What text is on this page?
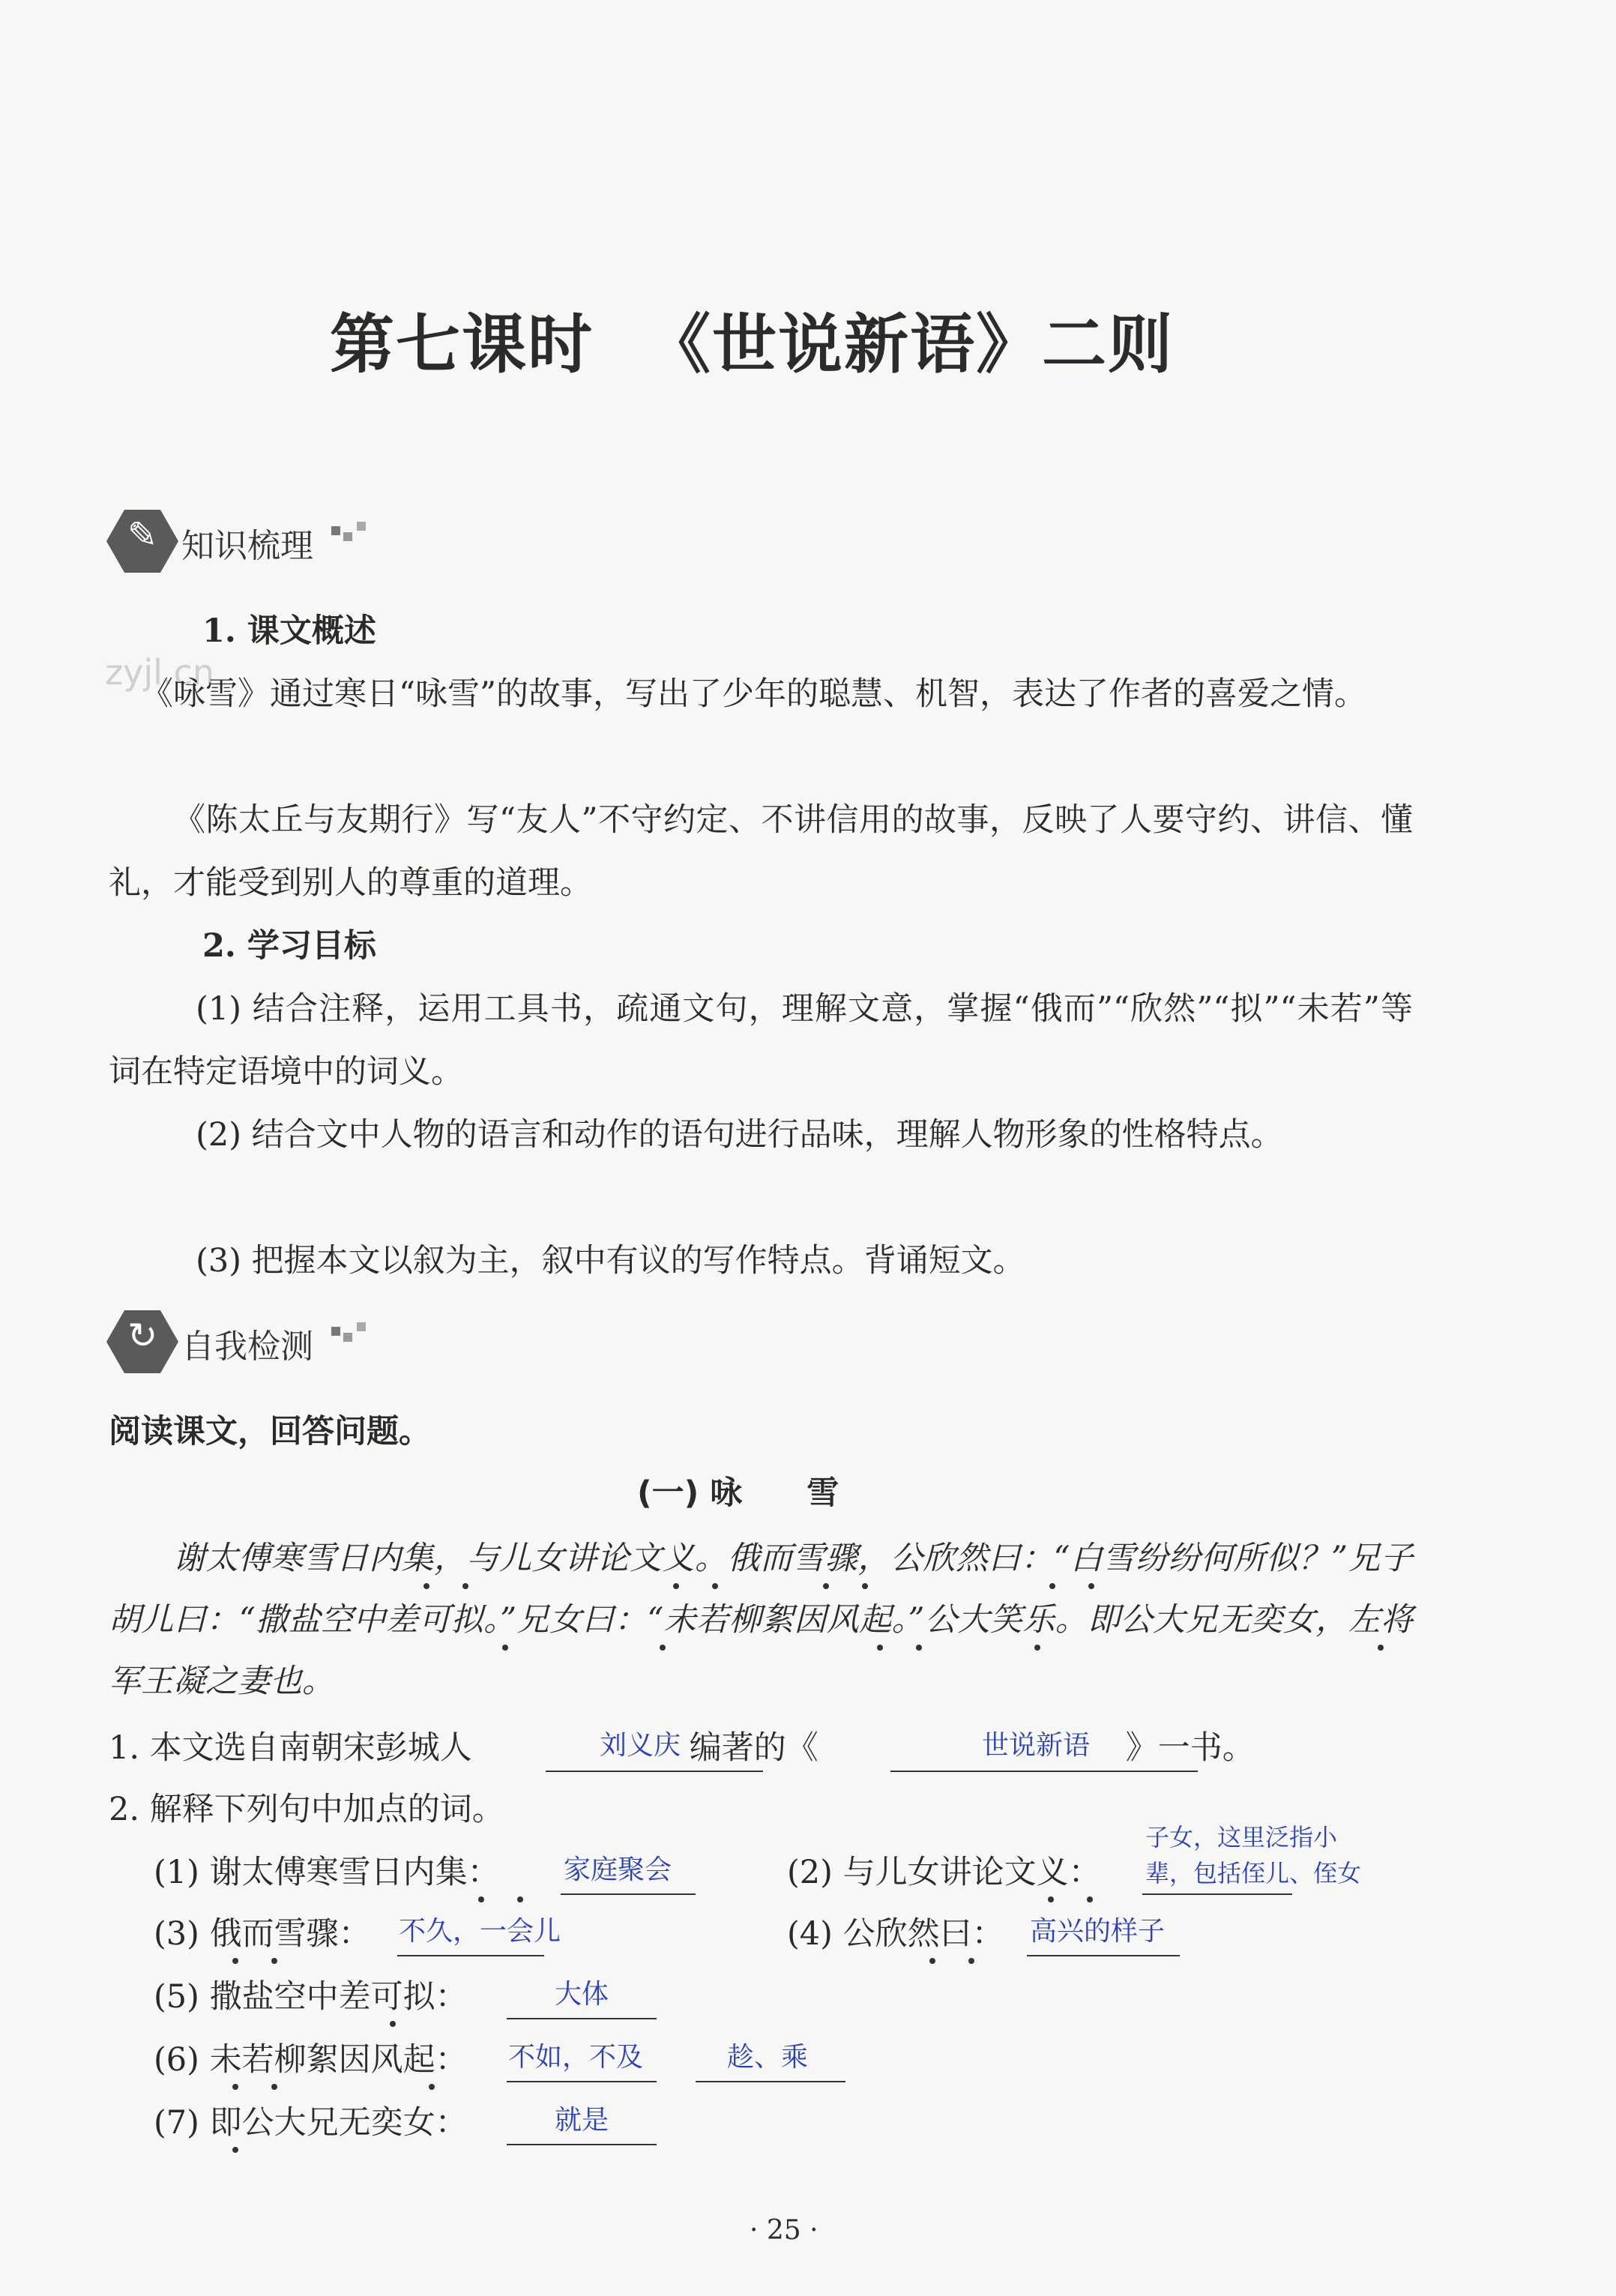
第七课时 《世说新语》二则
✎ 知识梳理
zyjl.cn
1. 课文概述
《咏雪》通过寒日“咏雪”的故事，写出了少年的聪慧、机智，表达了作者的喜爱之情。
《陈太丘与友期行》写“友人”不守约定、不讲信用的故事，反映了人要守约、讲信、懂礼，才能受到别人的尊重的道理。
2. 学习目标
(1) 结合注释，运用工具书，疏通文句，理解文意，掌握“俄而”“欣然”“拟”“未若”等词在特定语境中的词义。
(2) 结合文中人物的语言和动作的语句进行品味，理解人物形象的性格特点。
(3) 把握本文以叙为主，叙中有议的写作特点。背诵短文。
↻ 自我检测
阅读课文，回答问题。
(一) 咏　　雪
谢太傅寒雪日内集，与儿女讲论文义。俄而雪骤，公欣然曰：“白雪纷纷何所似？”兄子胡儿曰：“撒盐空中差可拟。”兄女曰：“未若柳絮因风起。”公大笑乐。即公大兄无奕女，左将军王凝之妻也。
1. 本文选自南朝宋彭城人	编著的《	》一书。
刘义庆	世说新语
2. 解释下列句中加点的词。
(1) 谢太傅寒雪日内集： 家庭聚会	(2) 与儿女讲论文义：
子女，这里泛指小
辈，包括侄儿、侄女
(3) 俄而雪骤： 不久，一会儿	(4) 公欣然曰： 高兴的样子
(5) 撒盐空中差可拟：	大体
(6) 未若柳絮因风起： 不如，不及	趁、乘
(7) 即公大兄无奕女：	就是
· 25 ·
